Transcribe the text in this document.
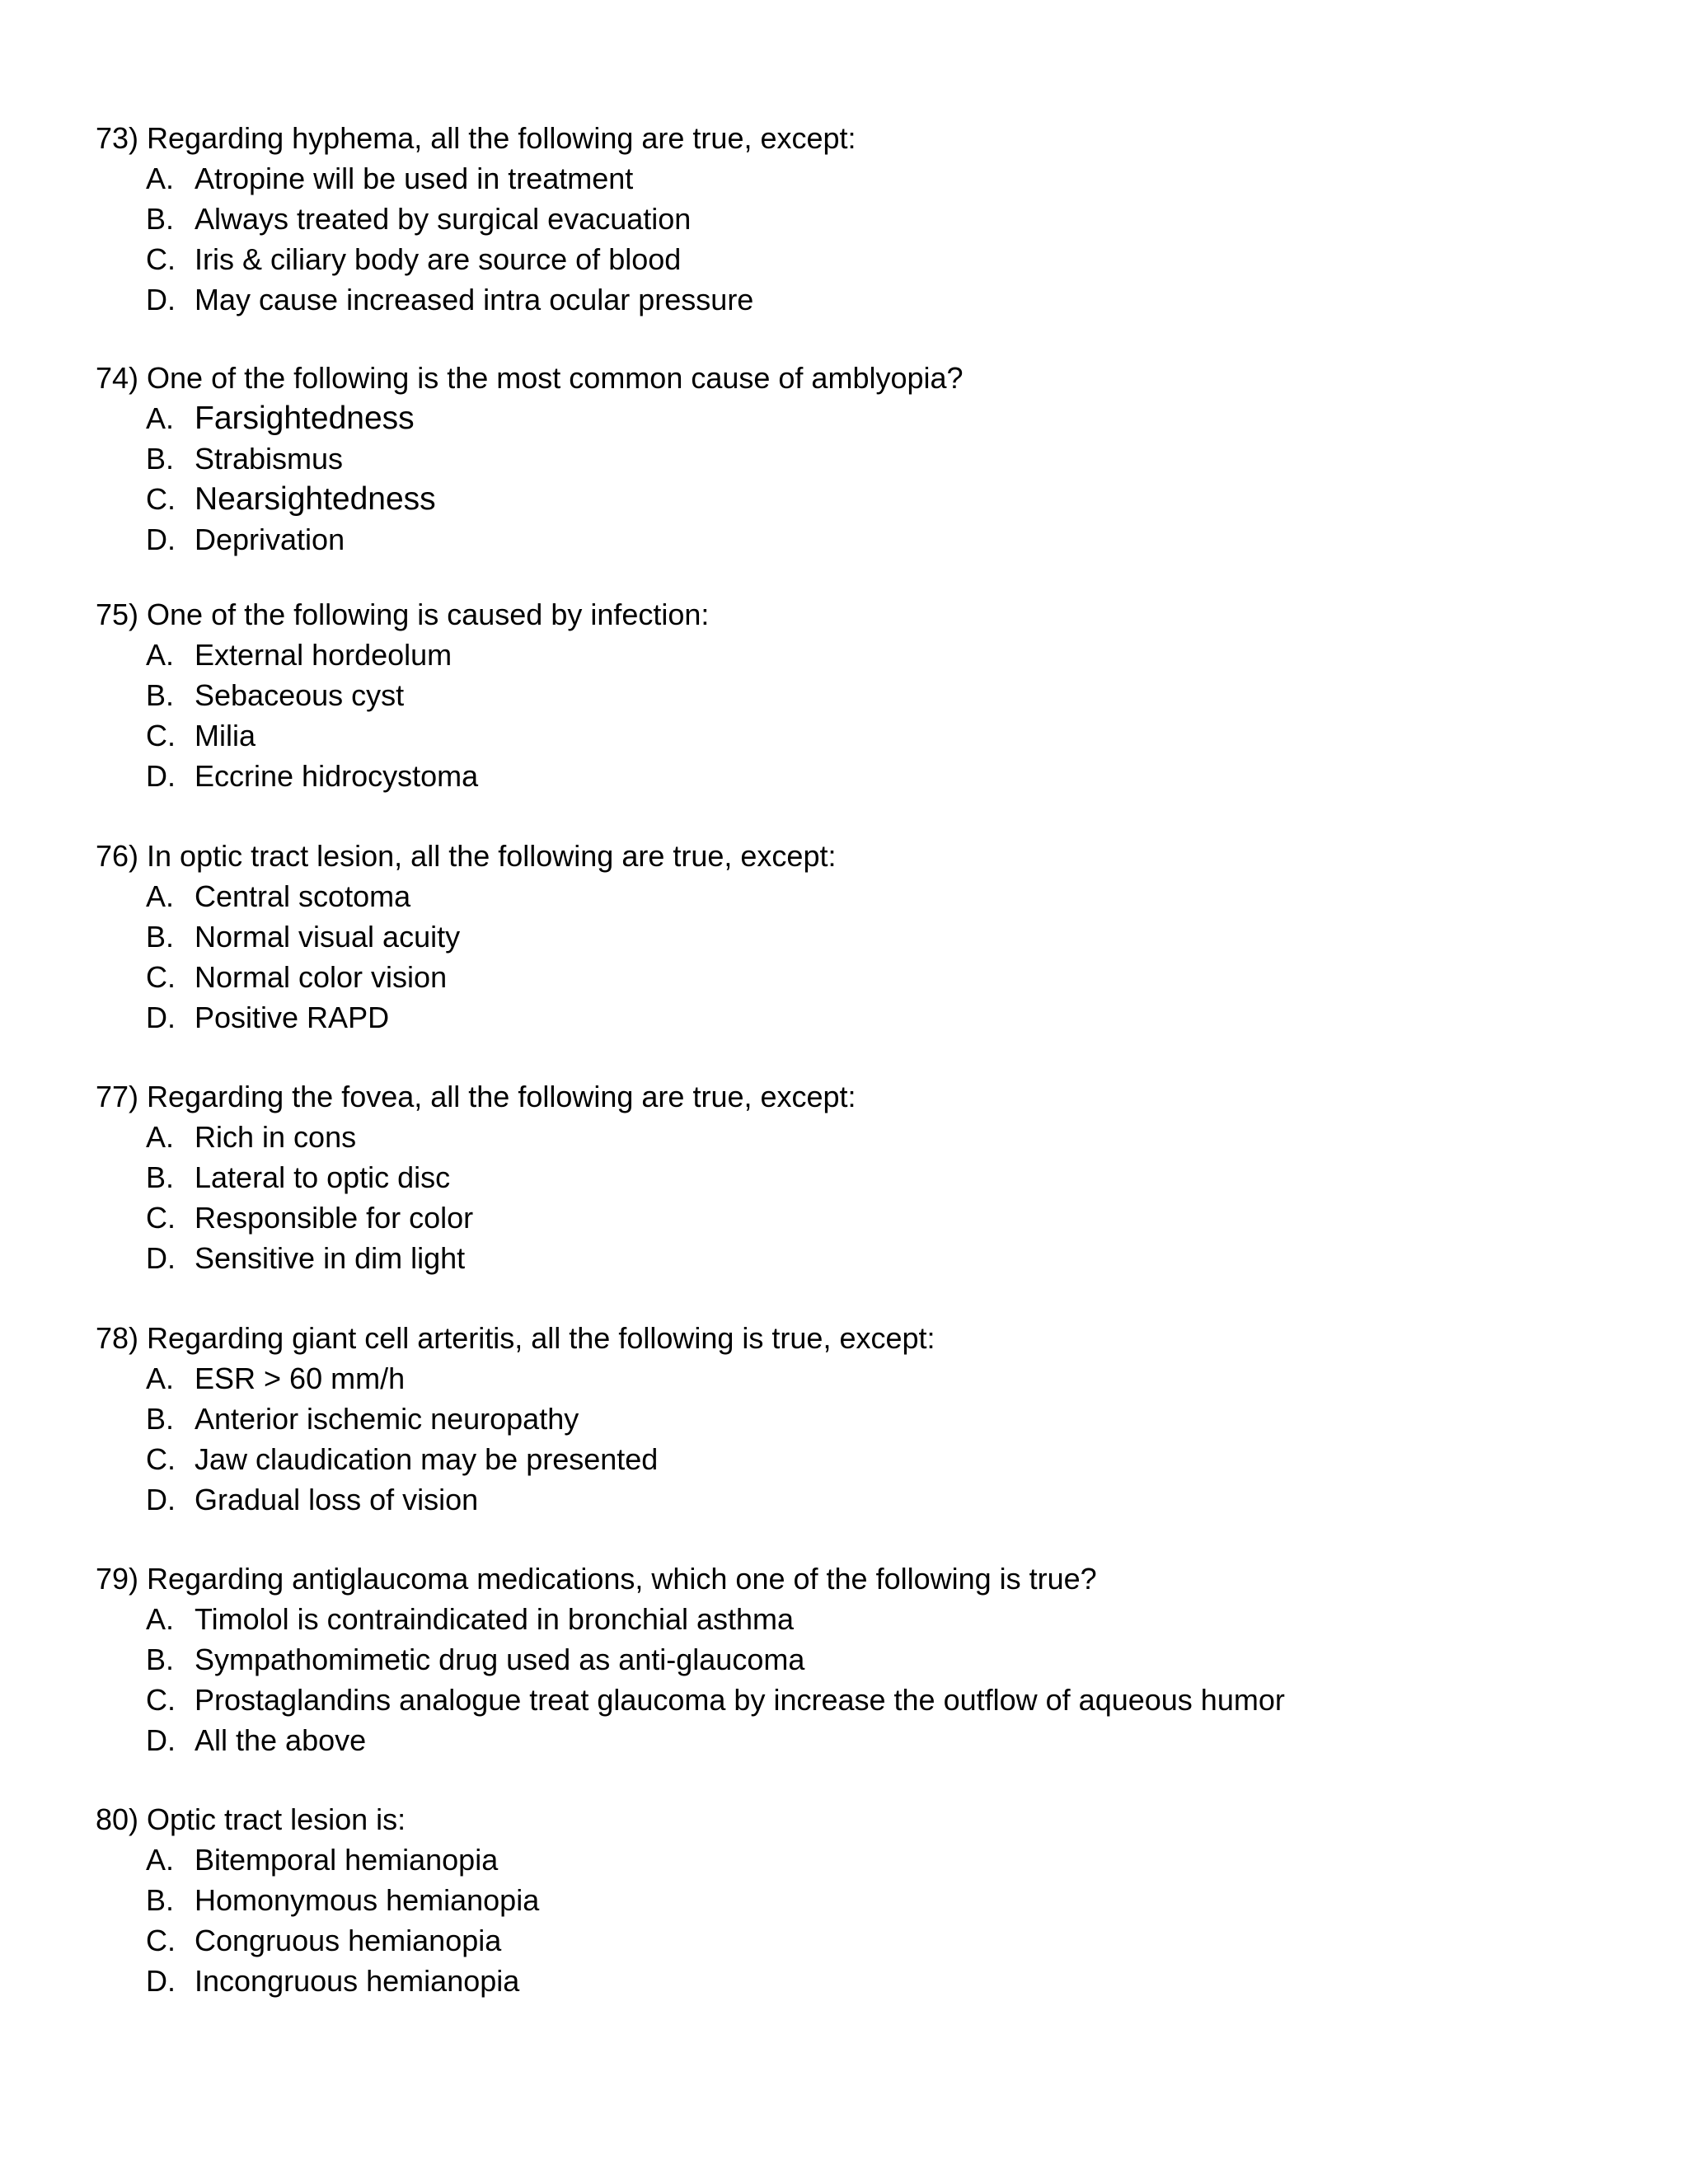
73) Regarding hyphema, all the following are true, except:

A. Atropine will be used in treatment
B. Always treated by surgical evacuation
C. Iris & ciliary body are source of blood
D. May cause increased intra ocular pressure

74) One of the following is the most common cause of amblyopia?

A. Farsightedness
B. Strabismus
C. Nearsightedness
D. Deprivation

75) One of the following is caused by infection:

A. External hordeolum
B. Sebaceous cyst
C. Milia
D. Eccrine hidrocystoma

76) In optic tract lesion, all the following are true, except:

A. Central scotoma
B. Normal visual acuity
C. Normal color vision
D. Positive RAPD

77) Regarding the fovea, all the following are true, except:

A. Rich in cons
B. Lateral to optic disc
C. Responsible for color
D. Sensitive in dim light

78) Regarding giant cell arteritis, all the following is true, except:

A. ESR > 60 mm/h
B. Anterior ischemic neuropathy
C. Jaw claudication may be presented
D. Gradual loss of vision

79) Regarding antiglaucoma medications, which one of the following is true?

A. Timolol is contraindicated in bronchial asthma
B. Sympathomimetic drug used as anti-glaucoma
C. Prostaglandins analogue treat glaucoma by increase the outflow of aqueous humor
D. All the above

80) Optic tract lesion is:

A. Bitemporal hemianopia
B. Homonymous hemianopia
C. Congruous hemianopia
D. Incongruous hemianopia
